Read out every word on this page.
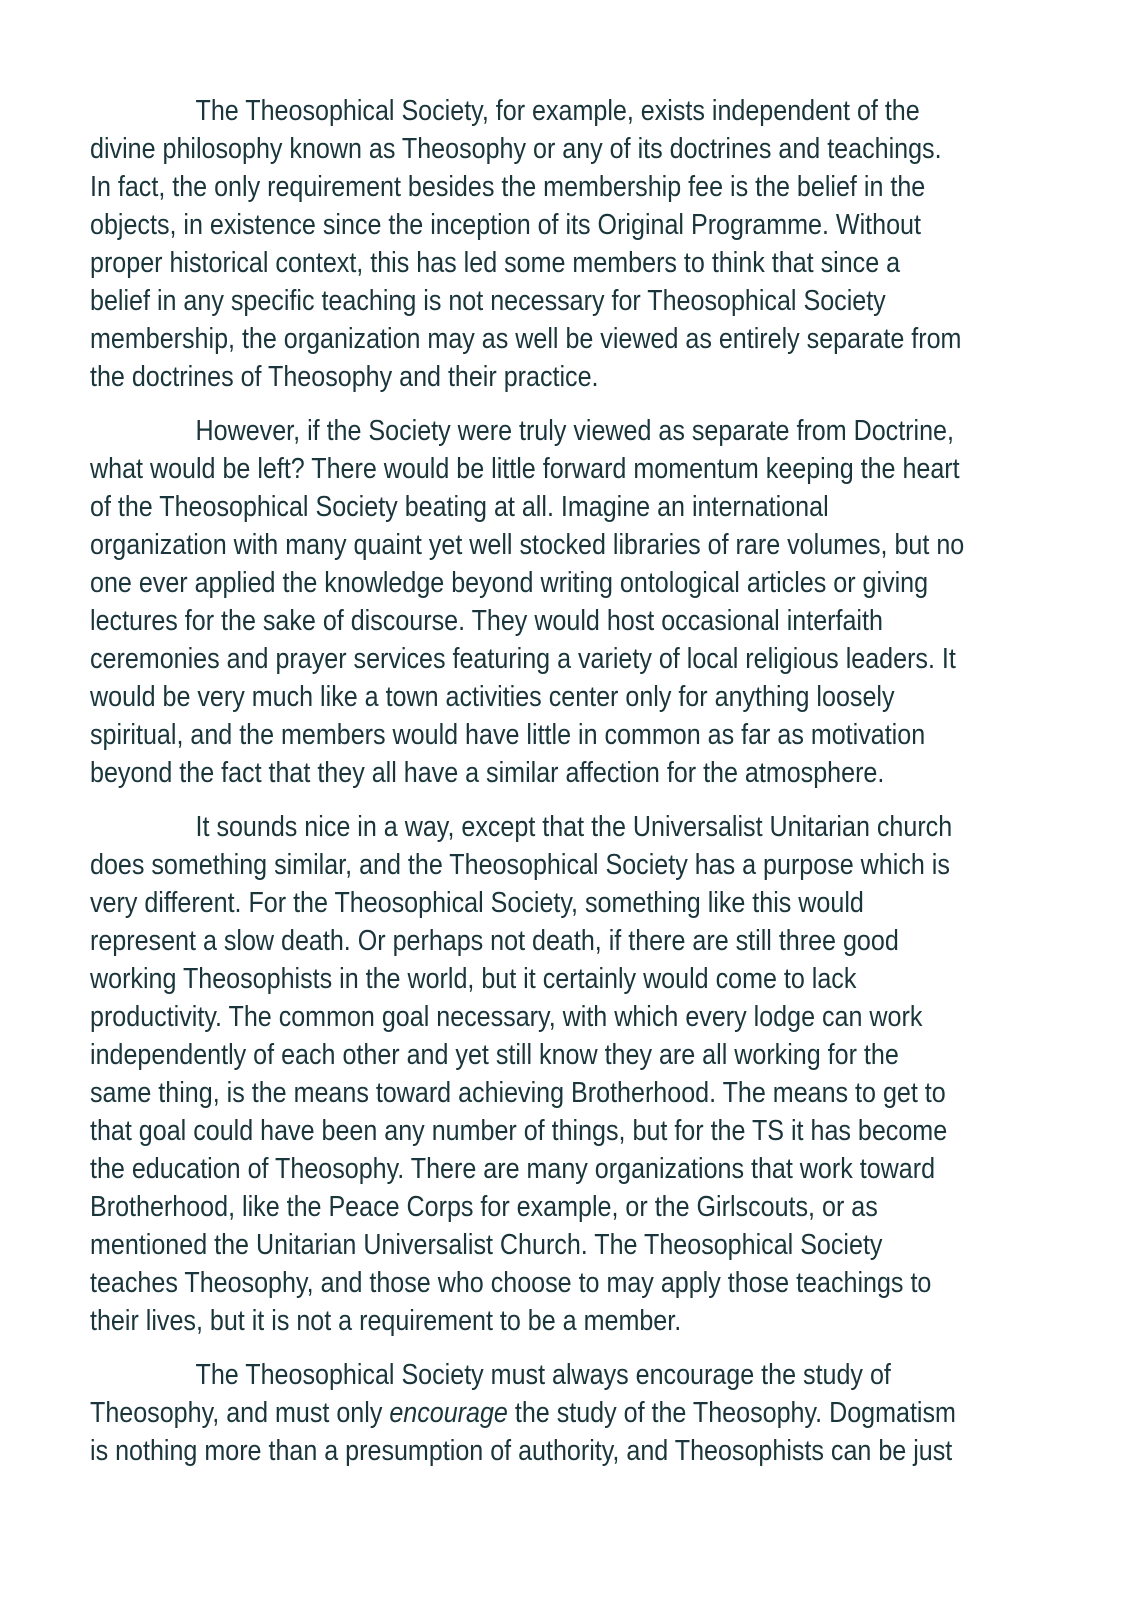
The Theosophical Society, for example, exists independent of the
divine philosophy known as Theosophy or any of its doctrines and teachings.
In fact, the only requirement besides the membership fee is the belief in the
objects, in existence since the inception of its Original Programme. Without
proper historical context, this has led some members to think that since a
belief in any specific teaching is not necessary for Theosophical Society
membership, the organization may as well be viewed as entirely separate from
the doctrines of Theosophy and their practice.

However, if the Society were truly viewed as separate from Doctrine,
what would be left? There would be little forward momentum keeping the heart
of the Theosophical Society beating at all. Imagine an international
organization with many quaint yet well stocked libraries of rare volumes, but no
one ever applied the knowledge beyond writing ontological articles or giving
lectures for the sake of discourse. They would host occasional interfaith
ceremonies and prayer services featuring a variety of local religious leaders. It
would be very much like a town activities center only for anything loosely
spiritual, and the members would have little in common as far as motivation
beyond the fact that they all have a similar affection for the atmosphere.

It sounds nice in a way, except that the Universalist Unitarian church
does something similar, and the Theosophical Society has a purpose which is
very different. For the Theosophical Society, something like this would
represent a slow death. Or perhaps not death, if there are still three good
working Theosophists in the world, but it certainly would come to lack
productivity. The common goal necessary, with which every lodge can work
independently of each other and yet still know they are all working for the
same thing, is the means toward achieving Brotherhood. The means to get to
that goal could have been any number of things, but for the TS it has become
the education of Theosophy. There are many organizations that work toward
Brotherhood, like the Peace Corps for example, or the Girlscouts, or as
mentioned the Unitarian Universalist Church. The Theosophical Society
teaches Theosophy, and those who choose to may apply those teachings to
their lives, but it is not a requirement to be a member.

The Theosophical Society must always encourage the study of
Theosophy, and must only encourage the study of the Theosophy. Dogmatism
is nothing more than a presumption of authority, and Theosophists can be just
